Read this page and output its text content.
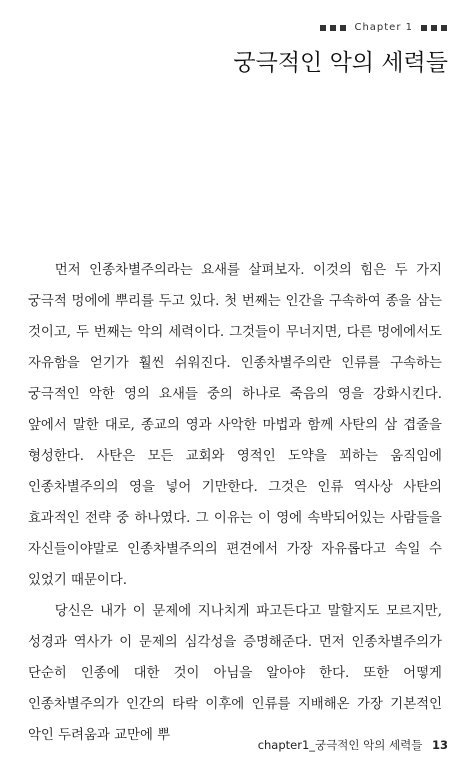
Chapter 1
궁극적인 악의 세력들

먼저 인종차별주의라는 요새를 살펴보자. 이것의 힘은 두 가지 궁극적 멍에에 뿌리를 두고 있다. 첫 번째는 인간을 구속하여 종을 삼는 것이고, 두 번째는 악의 세력이다. 그것들이 무너지면, 다른 멍에에서도 자유함을 얻기가 훨씬 쉬워진다. 인종차별주의란 인류를 구속하는 궁극적인 악한 영의 요새들 중의 하나로 죽음의 영을 강화시킨다. 앞에서 말한 대로, 종교의 영과 사악한 마법과 함께 사탄의 삼 겹줄을 형성한다. 사탄은 모든 교회와 영적인 도약을 꾀하는 움직임에 인종차별주의의 영을 넣어 기만한다. 그것은 인류 역사상 사탄의 효과적인 전략 중 하나였다. 그 이유는 이 영에 속박되어있는 사람들을 자신들이야말로 인종차별주의의 편견에서 가장 자유롭다고 속일 수 있었기 때문이다.

당신은 내가 이 문제에 지나치게 파고든다고 말할지도 모르지만, 성경과 역사가 이 문제의 심각성을 증명해준다. 먼저 인종차별주의가 단순히 인종에 대한 것이 아님을 알아야 한다. 또한 어떻게 인종차별주의가 인간의 타락 이후에 인류를 지배해온 가장 기본적인 악인 두려움과 교만에 뿌

chapter1_궁극적인 악의 세력들 13
